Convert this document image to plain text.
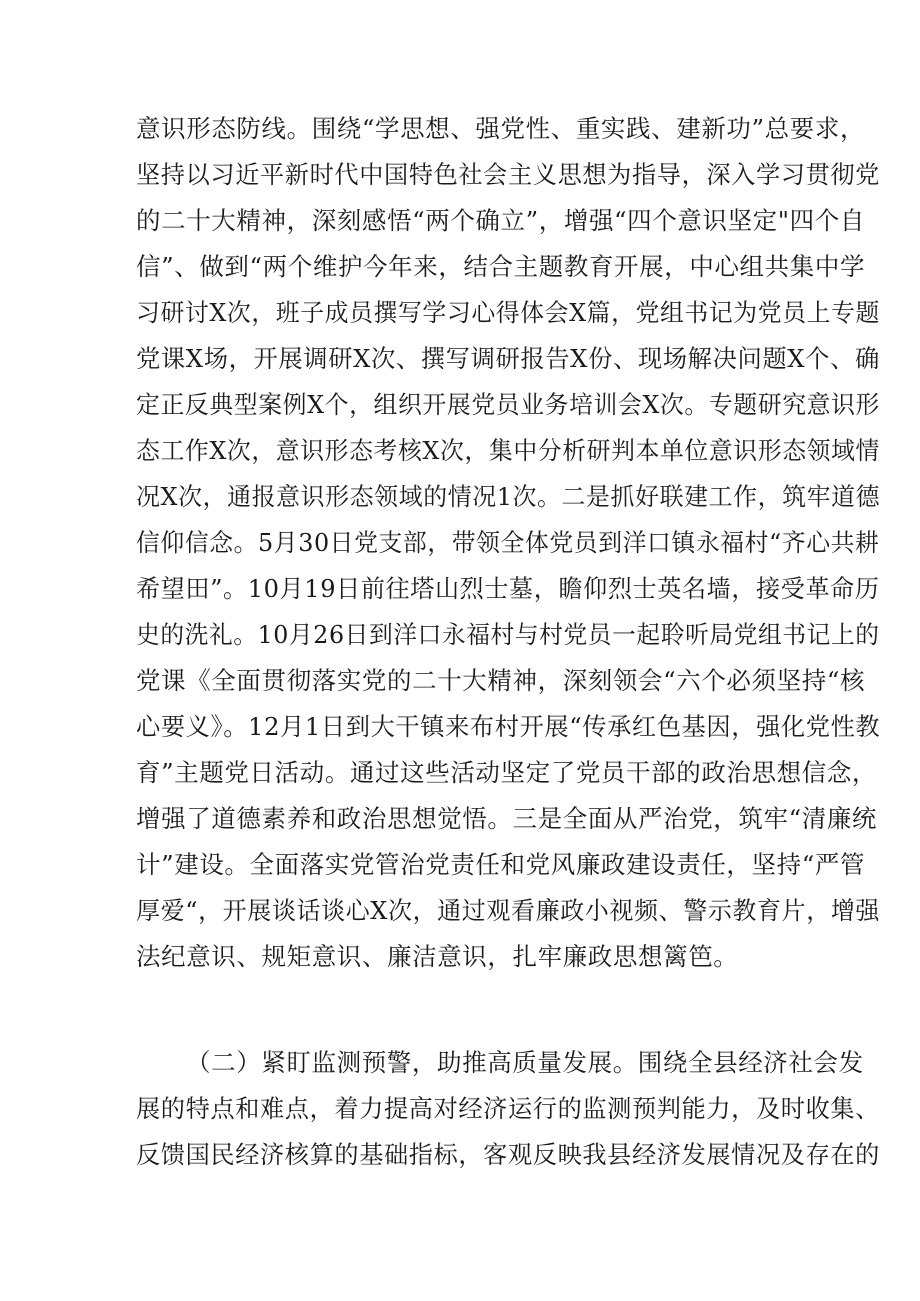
意识形态防线。围绕“学思想、强党性、重实践、建新功”总要求，
坚持以习近平新时代中国特色社会主义思想为指导，深入学习贯彻党
的二十大精神，深刻感悟“两个确立”，增强“四个意识坚定"四个自
信”、做到“两个维护今年来，结合主题教育开展，中心组共集中学
习研讨X次，班子成员撰写学习心得体会X篇，党组书记为党员上专题
党课X场，开展调研X次、撰写调研报告X份、现场解决问题X个、确
定正反典型案例X个，组织开展党员业务培训会X次。专题研究意识形
态工作X次，意识形态考核X次，集中分析研判本单位意识形态领域情
况X次，通报意识形态领域的情况1次。二是抓好联建工作，筑牢道德
信仰信念。5月30日党支部，带领全体党员到洋口镇永福村“齐心共耕
希望田”。10月19日前往塔山烈士墓，瞻仰烈士英名墙，接受革命历
史的洗礼。10月26日到洋口永福村与村党员一起聆听局党组书记上的
党课《全面贯彻落实党的二十大精神，深刻领会“六个必须坚持“核
心要义》。12月1日到大干镇来布村开展“传承红色基因，强化党性教
育”主题党日活动。通过这些活动坚定了党员干部的政治思想信念，
增强了道德素养和政治思想觉悟。三是全面从严治党，筑牢“清廉统
计”建设。全面落实党管治党责任和党风廉政建设责任，坚持“严管
厚爱“，开展谈话谈心X次，通过观看廉政小视频、警示教育片，增强
法纪意识、规矩意识、廉洁意识，扎牢廉政思想篱笆。
（二）紧盯监测预警，助推高质量发展。围绕全县经济社会发
展的特点和难点，着力提高对经济运行的监测预判能力，及时收集、
反馈国民经济核算的基础指标，客观反映我县经济发展情况及存在的
